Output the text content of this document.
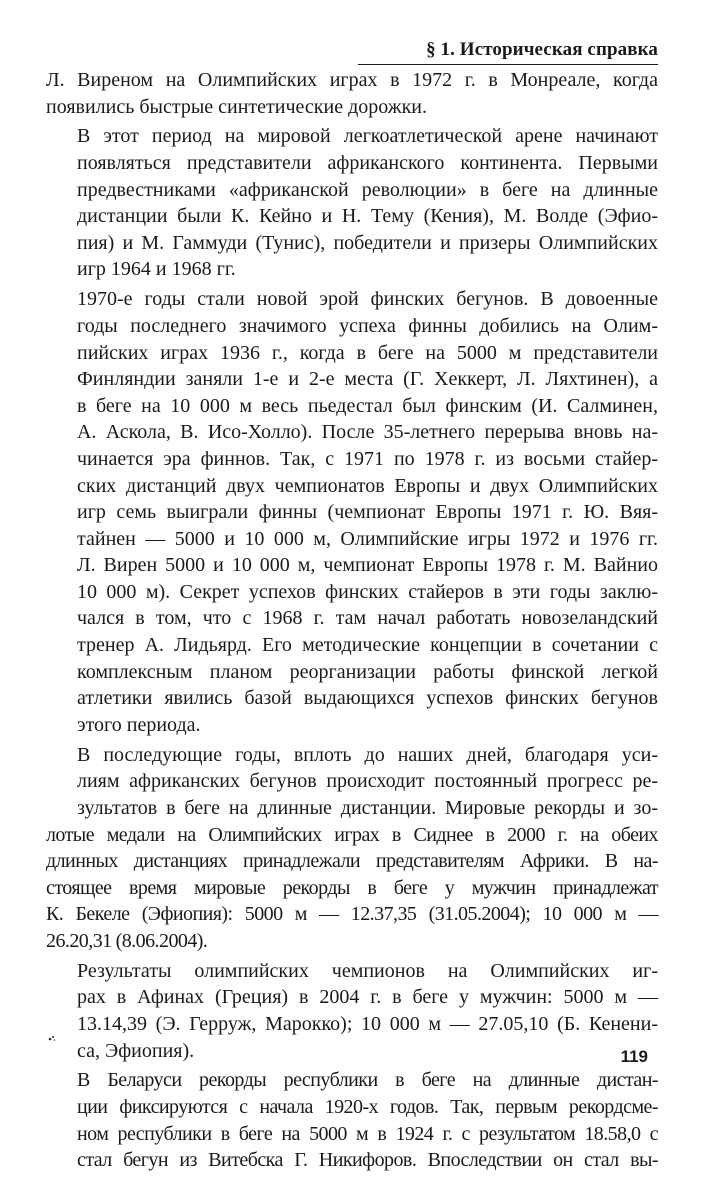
§ 1. Историческая справка

Л. Виреном на Олимпийских играх в 1972 г. в Монреале, когда
появились быстрые синтетические дорожки.

В этот период на мировой легкоатлетической арене начинают
появляться представители африканского континента. Первыми
предвестниками «африканской революции» в беге на длинные
дистанции были К. Кейно и Н. Тему (Кения), М. Волде (Эфио-
пия) и М. Гаммуди (Тунис), победители и призеры Олимпийских
игр 1964 и 1968 гг.

1970-е годы стали новой эрой финских бегунов. В довоенные
годы последнего значимого успеха финны добились на Олим-
пийских играх 1936 г., когда в беге на 5000 м представители
Финляндии заняли 1-е и 2-е места (Г. Хеккерт, Л. Ляхтинен), а
в беге на 10 000 м весь пьедестал был финским (И. Салминен,
А. Аскола, В. Исо-Холло). После 35-летнего перерыва вновь на-
чинается эра финнов. Так, с 1971 по 1978 г. из восьми стайер-
ских дистанций двух чемпионатов Европы и двух Олимпийских
игр семь выиграли финны (чемпионат Европы 1971 г. Ю. Вяя-
тайнен — 5000 и 10 000 м, Олимпийские игры 1972 и 1976 гг.
Л. Вирен 5000 и 10 000 м, чемпионат Европы 1978 г. М. Вайнио
10 000 м). Секрет успехов финских стайеров в эти годы заклю-
чался в том, что с 1968 г. там начал работать новозеландский
тренер А. Лидьярд. Его методические концепции в сочетании с
комплексным планом реорганизации работы финской легкой
атлетики явились базой выдающихся успехов финских бегунов
этого периода.

В последующие годы, вплоть до наших дней, благодаря уси-
лиям африканских бегунов происходит постоянный прогресс ре-
зультатов в беге на длинные дистанции. Мировые рекорды и зо-

лотые медали на Олимпийских играх в Сиднее в 2000 г. на обеих
длинных дистанциях принадлежали представителям Африки. В на-
стоящее время мировые рекорды в беге у мужчин принадлежат
К. Бекеле (Эфиопия): 5000 м — 12.37,35 (31.05.2004); 10 000 м —
26.20,31 (8.06.2004).

Результаты олимпийских чемпионов на Олимпийских иг-
рах в Афинах (Греция) в 2004 г. в беге у мужчин: 5000 м —
13.14,39 (Э. Герруж, Марокко); 10 000 м — 27.05,10 (Б. Кенени-
са, Эфиопия).

В Беларуси рекорды республики в беге на длинные дистан-
ции фиксируются с начала 1920-х годов. Так, первым рекордсме-
ном республики в беге на 5000 м в 1924 г. с результатом 18.58,0 с
стал бегун из Витебска Г. Никифоров. Впоследствии он стал вы-

119
